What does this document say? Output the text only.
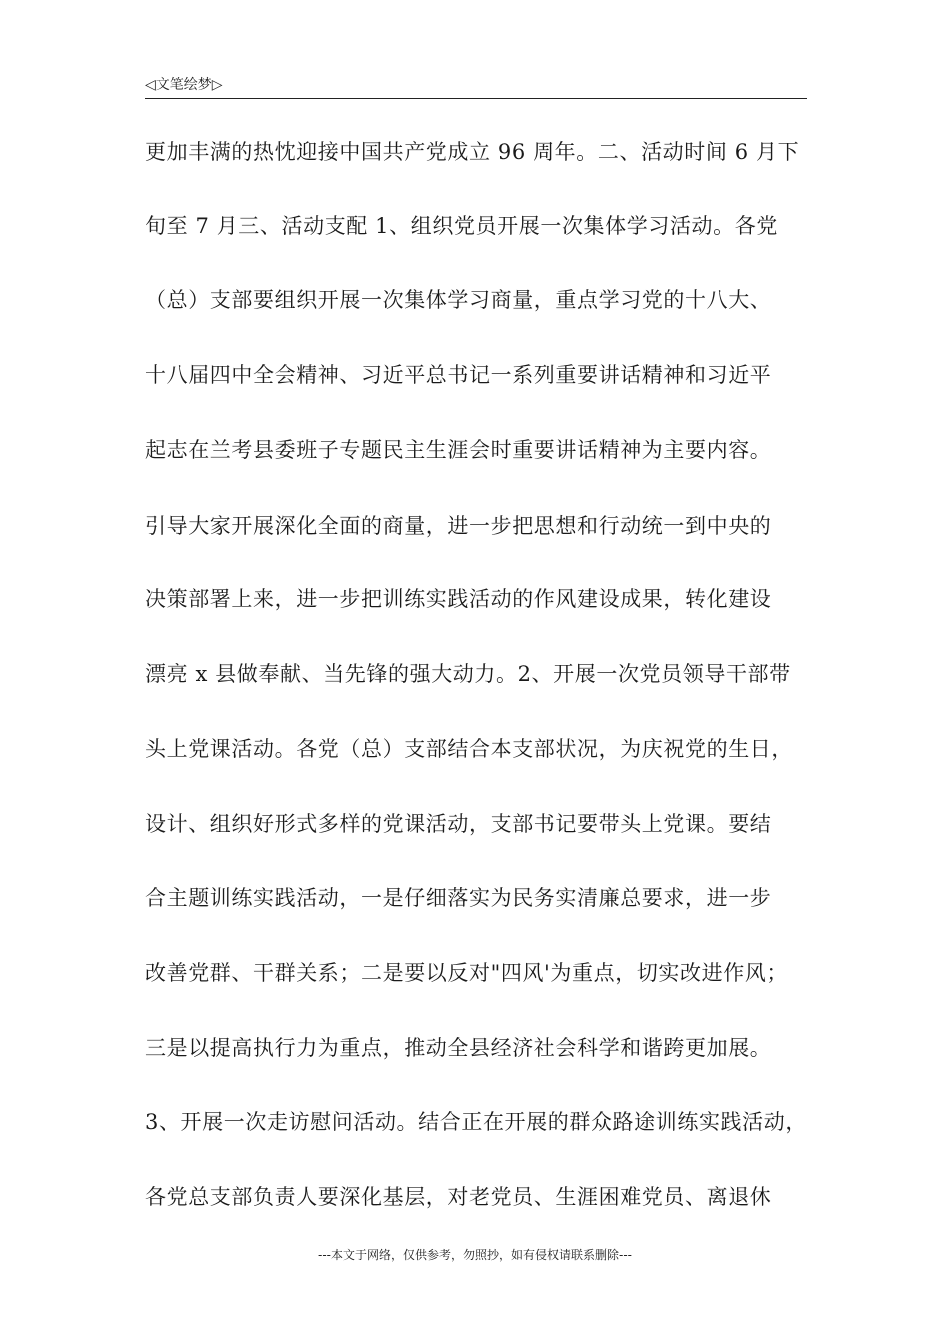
◁文笔绘梦▷
更加丰满的热忱迎接中国共产党成立 96 周年。二、活动时间 6 月下
旬至 7 月三、活动支配 1、组织党员开展一次集体学习活动。各党
（总）支部要组织开展一次集体学习商量，重点学习党的十八大、
十八届四中全会精神、习近平总书记一系列重要讲话精神和习近平
起志在兰考县委班子专题民主生涯会时重要讲话精神为主要内容。
引导大家开展深化全面的商量，进一步把思想和行动统一到中央的
决策部署上来，进一步把训练实践活动的作风建设成果，转化建设
漂亮 x 县做奉献、当先锋的强大动力。2、开展一次党员领导干部带
头上党课活动。各党（总）支部结合本支部状况，为庆祝党的生日，
设计、组织好形式多样的党课活动，支部书记要带头上党课。要结
合主题训练实践活动，一是仔细落实为民务实清廉总要求，进一步
改善党群、干群关系；二是要以反对"四风'为重点，切实改进作风；
三是以提高执行力为重点，推动全县经济社会科学和谐跨更加展。
3、开展一次走访慰问活动。结合正在开展的群众路途训练实践活动，
各党总支部负责人要深化基层，对老党员、生涯困难党员、离退休
---本文于网络，仅供参考，勿照抄，如有侵权请联系删除---
